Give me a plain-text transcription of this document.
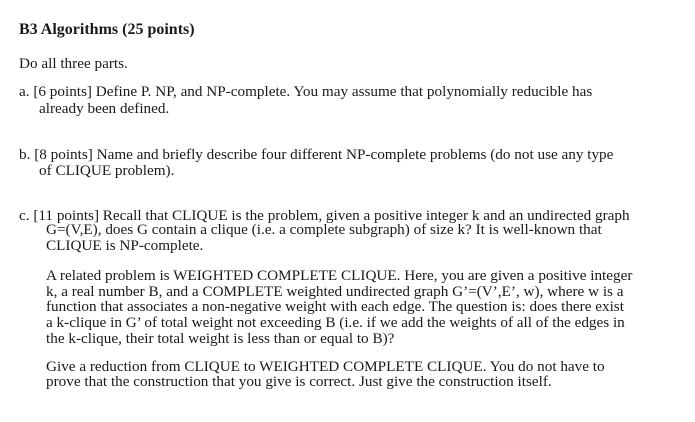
B3 Algorithms (25 points)
Do all three parts.
a. [6 points] Define P. NP, and NP-complete. You may assume that polynomially reducible has
already been defined.
b. [8 points] Name and briefly describe four different NP-complete problems (do not use any type
of CLIQUE problem).
c. [11 points] Recall that CLIQUE is the problem, given a positive integer k and an undirected graph
G=(V,E), does G contain a clique (i.e. a complete subgraph) of size k? It is well-known that
CLIQUE is NP-complete.
A related problem is WEIGHTED COMPLETE CLIQUE. Here, you are given a positive integer
k, a real number B, and a COMPLETE weighted undirected graph G’=(V’,E’, w), where w is a
function that associates a non-negative weight with each edge. The question is: does there exist
a k-clique in G’ of total weight not exceeding B (i.e. if we add the weights of all of the edges in
the k-clique, their total weight is less than or equal to B)?
Give a reduction from CLIQUE to WEIGHTED COMPLETE CLIQUE. You do not have to
prove that the construction that you give is correct. Just give the construction itself.
